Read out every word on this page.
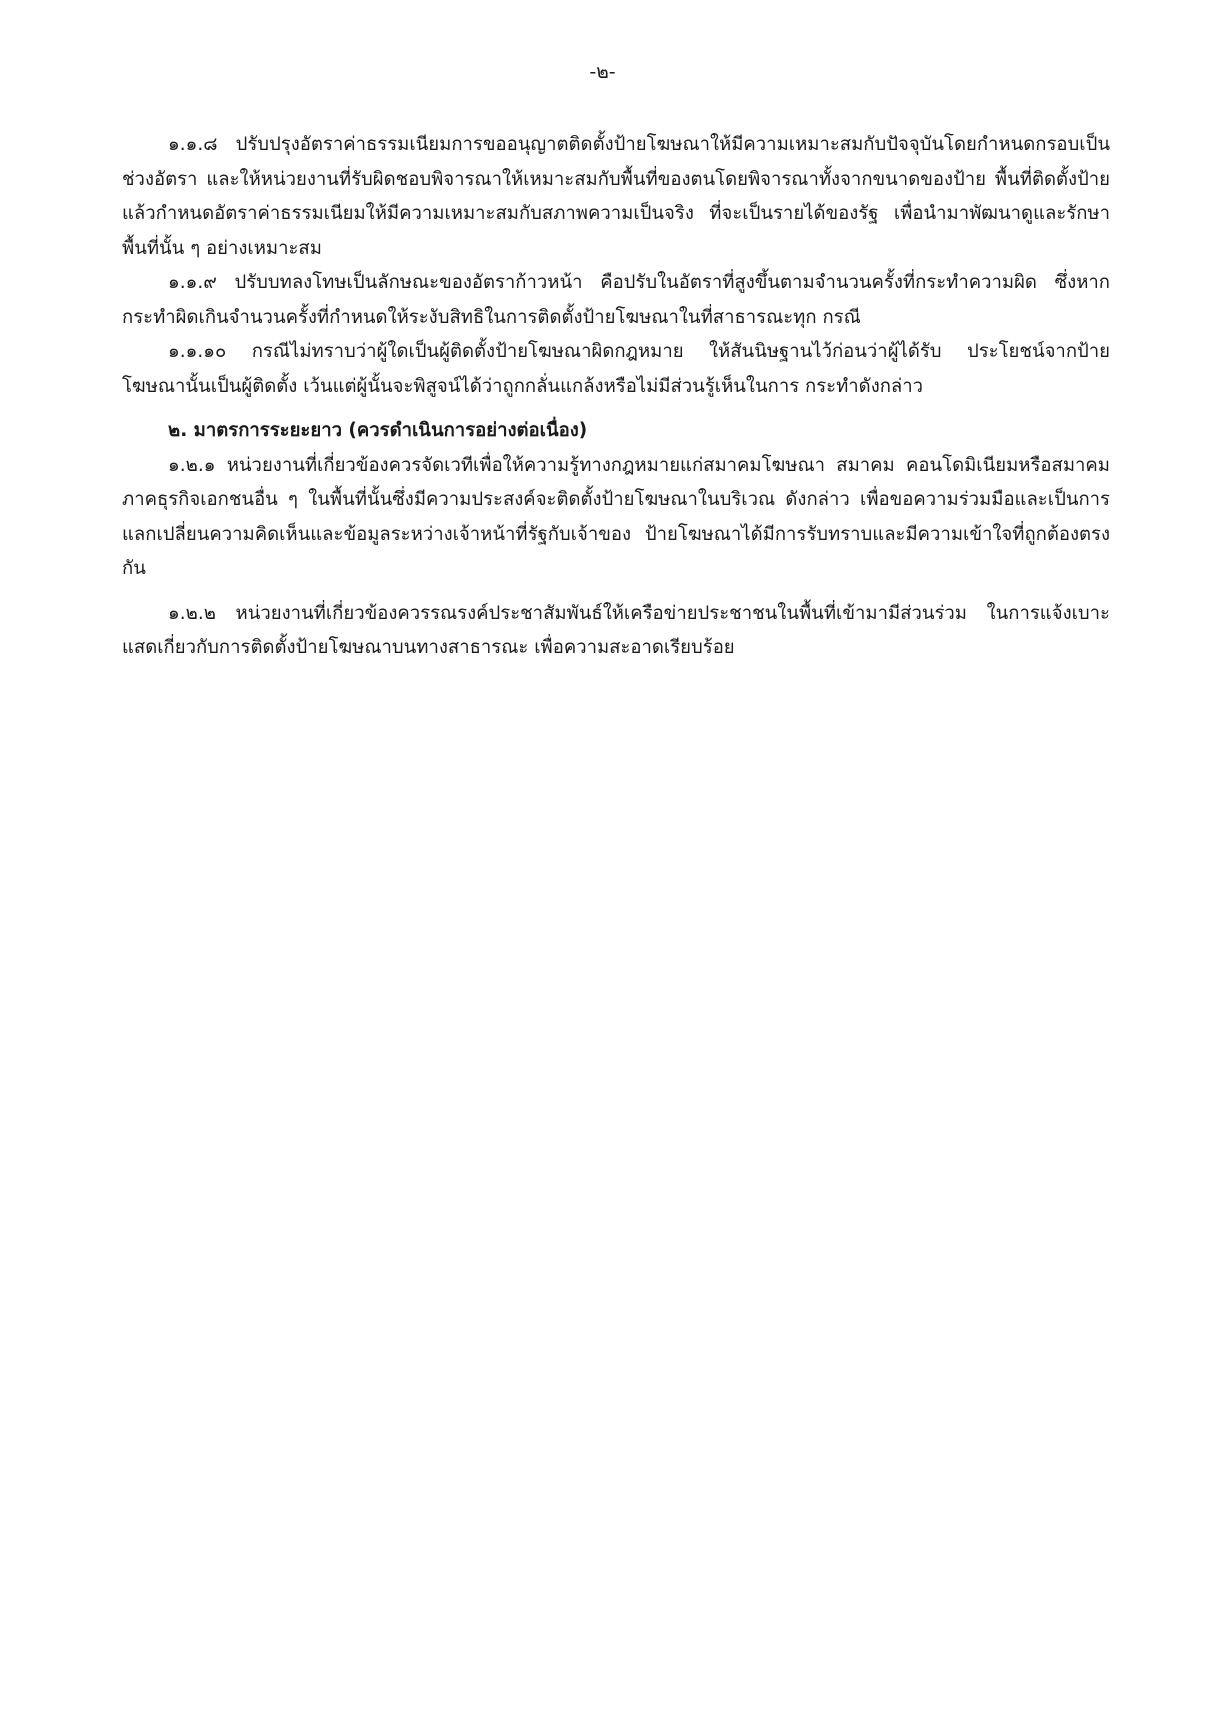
-๒-

๑.๑.๘ ปรับปรุงอัตราค่าธรรมเนียมการขออนุญาตติดตั้งป้ายโฆษณาให้มีความเหมาะสมกับปัจจุบันโดยกำหนดกรอบเป็นช่วงอัตรา และให้หน่วยงานที่รับผิดชอบพิจารณาให้เหมาะสมกับพื้นที่ของตนโดยพิจารณาทั้งจากขนาดของป้าย พื้นที่ติดตั้งป้าย แล้วกำหนดอัตราค่าธรรมเนียมให้มีความเหมาะสมกับสภาพความเป็นจริง ที่จะเป็นรายได้ของรัฐ เพื่อนำมาพัฒนาดูและรักษาพื้นที่นั้น ๆ อย่างเหมาะสม

๑.๑.๙ ปรับบทลงโทษเป็นลักษณะของอัตราก้าวหน้า คือปรับในอัตราที่สูงขึ้นตามจำนวนครั้งที่กระทำความผิด ซึ่งหากกระทำผิดเกินจำนวนครั้งที่กำหนดให้ระงับสิทธิในการติดตั้งป้ายโฆษณาในที่สาธารณะทุก กรณี

๑.๑.๑๐ กรณีไม่ทราบว่าผู้ใดเป็นผู้ติดตั้งป้ายโฆษณาผิดกฎหมาย ให้สันนิษฐานไว้ก่อนว่าผู้ได้รับ ประโยชน์จากป้ายโฆษณานั้นเป็นผู้ติดตั้ง เว้นแต่ผู้นั้นจะพิสูจน์ได้ว่าถูกกลั่นแกล้งหรือไม่มีส่วนรู้เห็นในการ กระทำดังกล่าว

๒. มาตรการระยะยาว (ควรดำเนินการอย่างต่อเนื่อง)

๑.๒.๑ หน่วยงานที่เกี่ยวข้องควรจัดเวทีเพื่อให้ความรู้ทางกฎหมายแก่สมาคมโฆษณา สมาคม คอนโดมิเนียมหรือสมาคมภาคธุรกิจเอกชนอื่น ๆ ในพื้นที่นั้นซึ่งมีความประสงค์จะติดตั้งป้ายโฆษณาในบริเวณ ดังกล่าว เพื่อขอความร่วมมือและเป็นการแลกเปลี่ยนความคิดเห็นและข้อมูลระหว่างเจ้าหน้าที่รัฐกับเจ้าของ ป้ายโฆษณาได้มีการรับทราบและมีความเข้าใจที่ถูกต้องตรงกัน

๑.๒.๒ หน่วยงานที่เกี่ยวข้องควรรณรงค์ประชาสัมพันธ์ให้เครือข่ายประชาชนในพื้นที่เข้ามามีส่วนร่วม ในการแจ้งเบาะแสดเกี่ยวกับการติดตั้งป้ายโฆษณาบนทางสาธารณะ เพื่อความสะอาดเรียบร้อย
